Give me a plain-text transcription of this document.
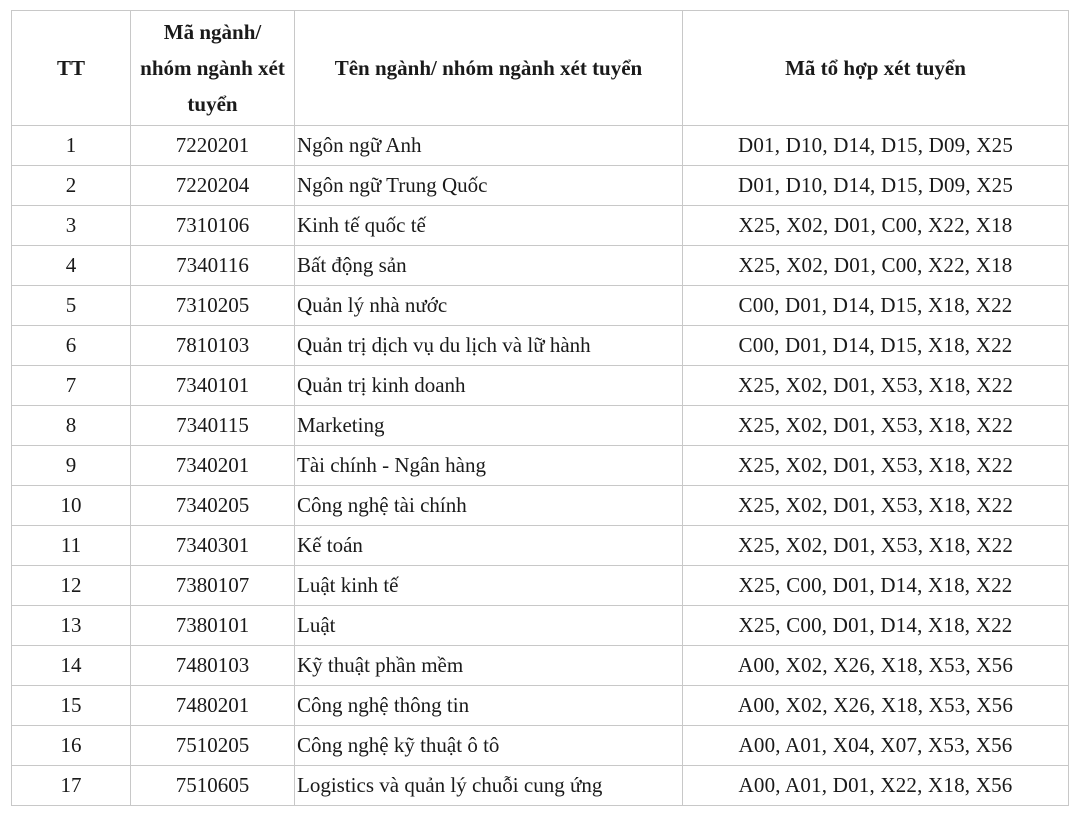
TT	Mã ngành/
nhóm ngành xét
tuyển	Tên ngành/ nhóm ngành xét tuyển	Mã tổ hợp xét tuyển
1	7220201	Ngôn ngữ Anh	D01, D10, D14, D15, D09, X25
2	7220204	Ngôn ngữ Trung Quốc	D01, D10, D14, D15, D09, X25
3	7310106	Kinh tế quốc tế	X25, X02, D01, C00, X22, X18
4	7340116	Bất động sản	X25, X02, D01, C00, X22, X18
5	7310205	Quản lý nhà nước	C00, D01, D14, D15, X18, X22
6	7810103	Quản trị dịch vụ du lịch và lữ hành	C00, D01, D14, D15, X18, X22
7	7340101	Quản trị kinh doanh	X25, X02, D01, X53, X18, X22
8	7340115	Marketing	X25, X02, D01, X53, X18, X22
9	7340201	Tài chính - Ngân hàng	X25, X02, D01, X53, X18, X22
10	7340205	Công nghệ tài chính	X25, X02, D01, X53, X18, X22
11	7340301	Kế toán	X25, X02, D01, X53, X18, X22
12	7380107	Luật kinh tế	X25, C00, D01, D14, X18, X22
13	7380101	Luật	X25, C00, D01, D14, X18, X22
14	7480103	Kỹ thuật phần mềm	A00, X02, X26, X18, X53, X56
15	7480201	Công nghệ thông tin	A00, X02, X26, X18, X53, X56
16	7510205	Công nghệ kỹ thuật ô tô	A00, A01, X04, X07, X53, X56
17	7510605	Logistics và quản lý chuỗi cung ứng	A00, A01, D01, X22, X18, X56
